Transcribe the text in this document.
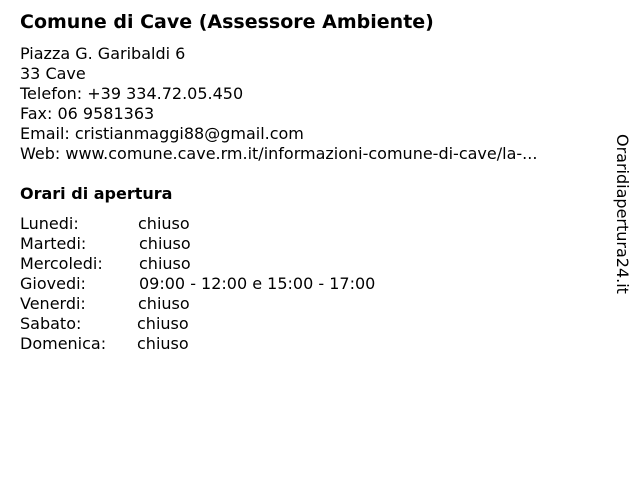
Comune di Cave (Assessore Ambiente)
Piazza G. Garibaldi 6
33 Cave
Telefon: +39 334.72.05.450
Fax: 06 9581363
Email: cristianmaggi88@gmail.com
Web: www.comune.cave.rm.it/informazioni-comune-di-cave/la-...
Orari di apertura
Lunedi:	chiuso
Martedi:	chiuso
Mercoledi: chiuso
Giovedi:	09:00 - 12:00 e 15:00 - 17:00
Venerdi:	chiuso
Sabato:	chiuso
Domenica: chiuso
Oraridiapertura24.it
